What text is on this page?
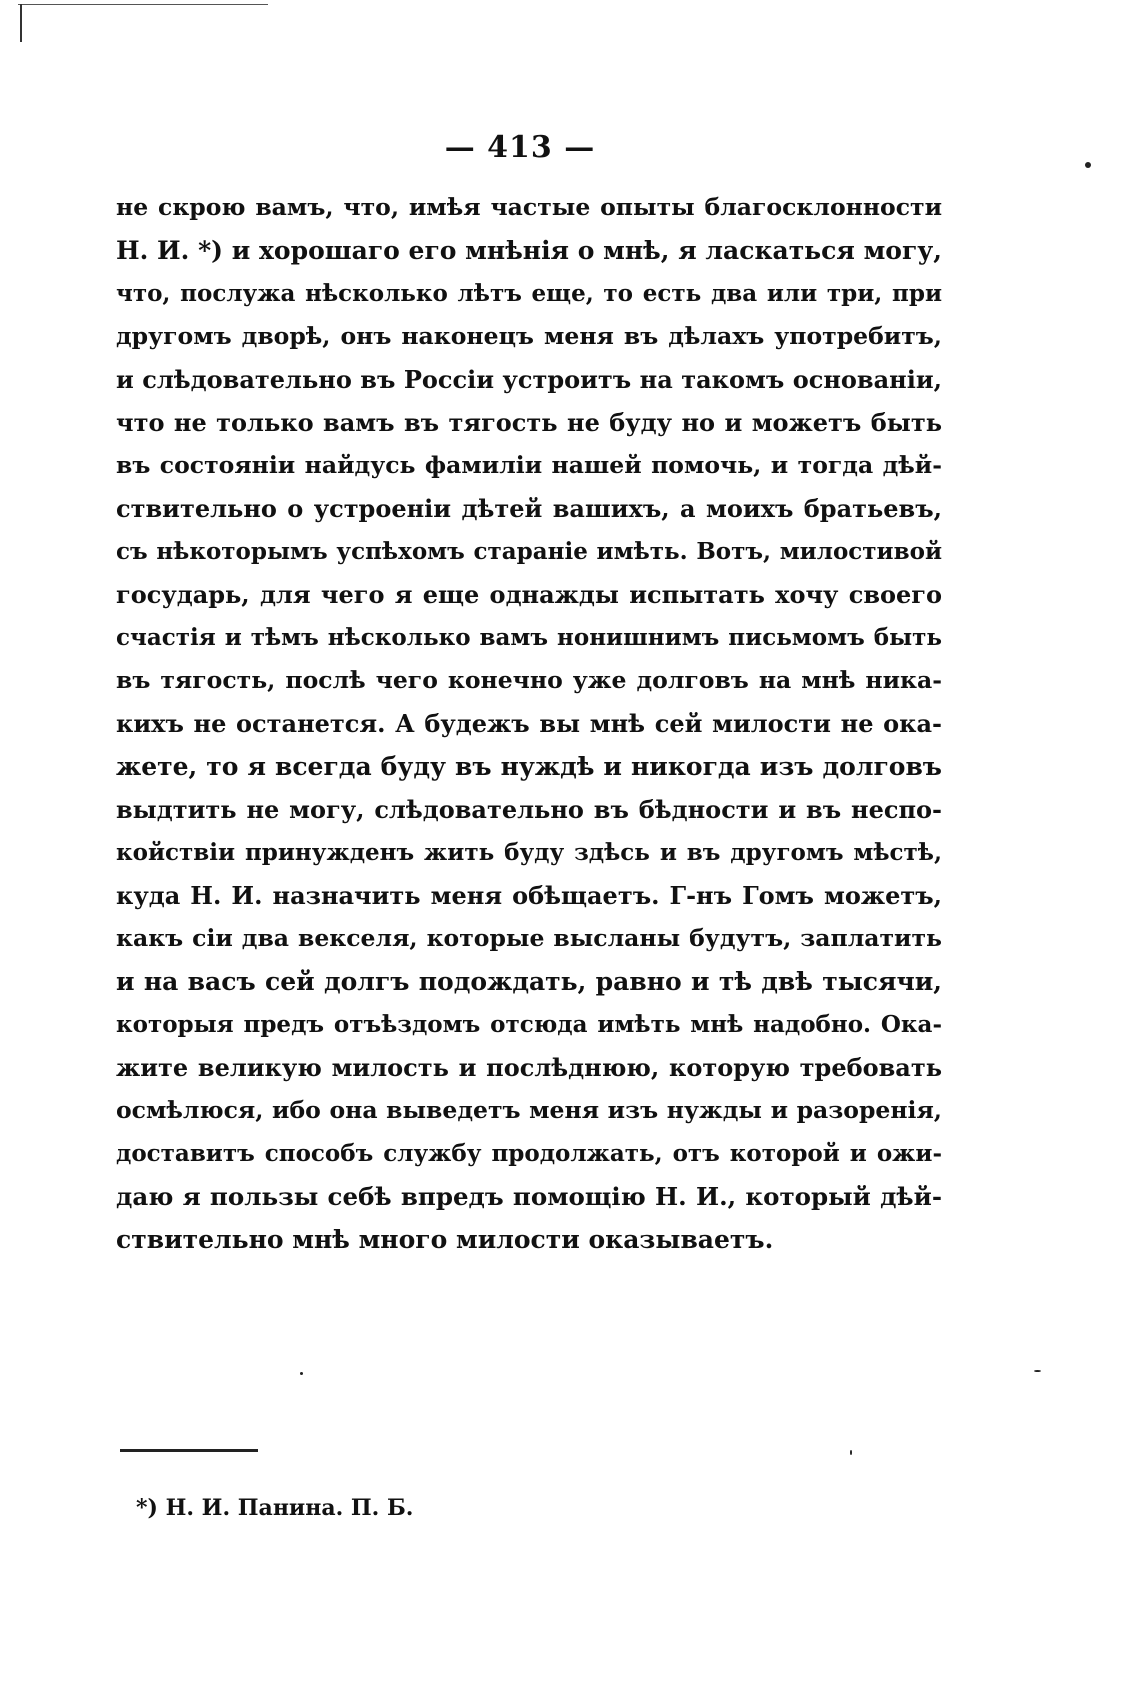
— 413 —
не скрою вамъ, что, имѣя частые опыты благосклонности
Н. И. *) и хорошаго его мнѣнія о мнѣ, я ласкаться могу,
что, послужа нѣсколько лѣтъ еще, то есть два или три, при
другомъ дворѣ, онъ наконецъ меня въ дѣлахъ употребитъ,
и слѣдовательно въ Россіи устроитъ на такомъ основаніи,
что не только вамъ въ тягость не буду но и можетъ быть
въ состояніи найдусь фамиліи нашей помочь, и тогда дѣй-
ствительно о устроеніи дѣтей вашихъ, а моихъ братьевъ,
съ нѣкоторымъ успѣхомъ стараніе имѣть. Вотъ, милостивой
государь, для чего я еще однажды испытать хочу своего
счастія и тѣмъ нѣсколько вамъ нонишнимъ письмомъ быть
въ тягость, послѣ чего конечно уже долговъ на мнѣ ника-
кихъ не останется. А будежъ вы мнѣ сей милости не ока-
жете, то я всегда буду въ нуждѣ и никогда изъ долговъ
выдтить не могу, слѣдовательно въ бѣдности и въ неспо-
койствіи принужденъ жить буду здѣсь и въ другомъ мѣстѣ,
куда Н. И. назначить меня обѣщаетъ. Г-нъ Гомъ можетъ,
какъ сіи два векселя, которые высланы будутъ, заплатить
и на васъ сей долгъ подождать, равно и тѣ двѣ тысячи,
которыя предъ отъѣздомъ отсюда имѣть мнѣ надобно. Ока-
жите великую милость и послѣднюю, которую требовать
осмѣлюся, ибо она выведетъ меня изъ нужды и разоренія,
доставитъ способъ службу продолжать, отъ которой и ожи-
даю я пользы себѣ впредъ помощію Н. И., который дѣй-
ствительно мнѣ много милости оказываетъ.
*) Н. И. Панина. П. Б.
